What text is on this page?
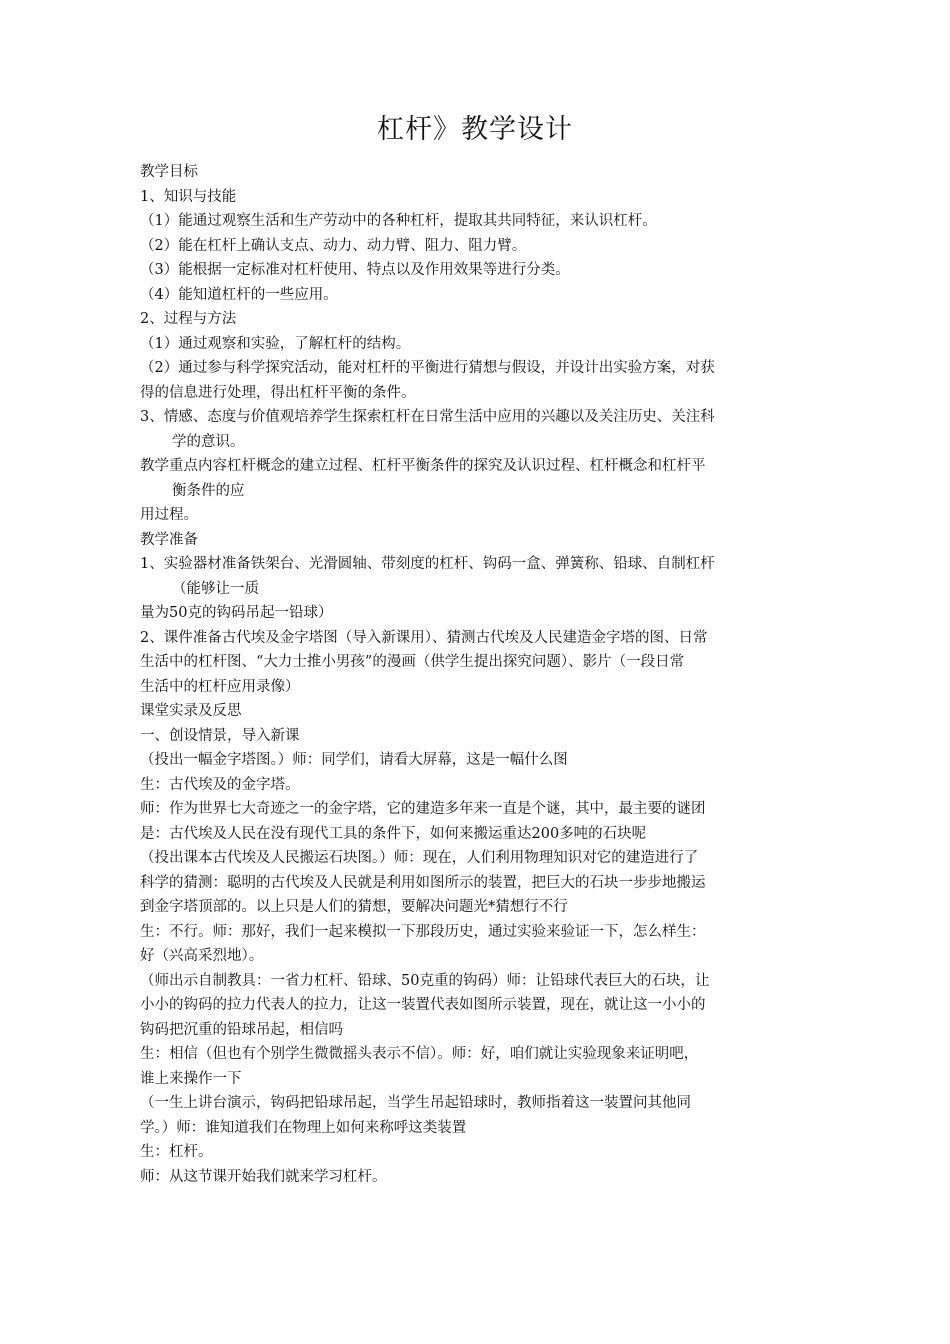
杠杆》教学设计

教学目标

1、知识与技能

（1）能通过观察生活和生产劳动中的各种杠杆，提取其共同特征，来认识杠杆。

（2）能在杠杆上确认支点、动力、动力臂、阻力、阻力臂。

（3）能根据一定标准对杠杆使用、特点以及作用效果等进行分类。

（4）能知道杠杆的一些应用。

2、过程与方法

（1）通过观察和实验，了解杠杆的结构。

（2）通过参与科学探究活动，能对杠杆的平衡进行猜想与假设，并设计出实验方案，对获

得的信息进行处理，得出杠杆平衡的条件。

3、情感、态度与价值观培养学生探索杠杆在日常生活中应用的兴趣以及关注历史、关注科

学的意识。

教学重点内容杠杆概念的建立过程、杠杆平衡条件的探究及认识过程、杠杆概念和杠杆平

衡条件的应

用过程。

教学准备

1、实验器材准备铁架台、光滑圆轴、带刻度的杠杆、钩码一盒、弹簧称、铅球、自制杠杆

（能够让一质

量为50克的钩码吊起一铅球）

2、课件准备古代埃及金字塔图（导入新课用）、猜测古代埃及人民建造金字塔的图、日常

生活中的杠杆图、“大力士推小男孩”的漫画（供学生提出探究问题）、影片（一段日常

生活中的杠杆应用录像）

课堂实录及反思

一、创设情景，导入新课

（投出一幅金字塔图。）师：同学们，请看大屏幕，这是一幅什么图

生：古代埃及的金字塔。

师：作为世界七大奇迹之一的金字塔，它的建造多年来一直是个谜，其中，最主要的谜团

是：古代埃及人民在没有现代工具的条件下，如何来搬运重达200多吨的石块呢

（投出课本古代埃及人民搬运石块图。）师：现在，人们利用物理知识对它的建造进行了

科学的猜测：聪明的古代埃及人民就是利用如图所示的装置，把巨大的石块一步步地搬运

到金字塔顶部的。以上只是人们的猜想，要解决问题光*猜想行不行

生：不行。师：那好，我们一起来模拟一下那段历史，通过实验来验证一下，怎么样生：

好（兴高采烈地）。

（师出示自制教具：一省力杠杆、铅球、50克重的钩码）师：让铅球代表巨大的石块，让

小小的钩码的拉力代表人的拉力，让这一装置代表如图所示装置，现在，就让这一小小的

钩码把沉重的铅球吊起，相信吗

生：相信（但也有个别学生微微摇头表示不信）。师：好，咱们就让实验现象来证明吧，

谁上来操作一下

（一生上讲台演示，钩码把铅球吊起，当学生吊起铅球时，教师指着这一装置问其他同

学。）师：谁知道我们在物理上如何来称呼这类装置

生：杠杆。

师：从这节课开始我们就来学习杠杆。
